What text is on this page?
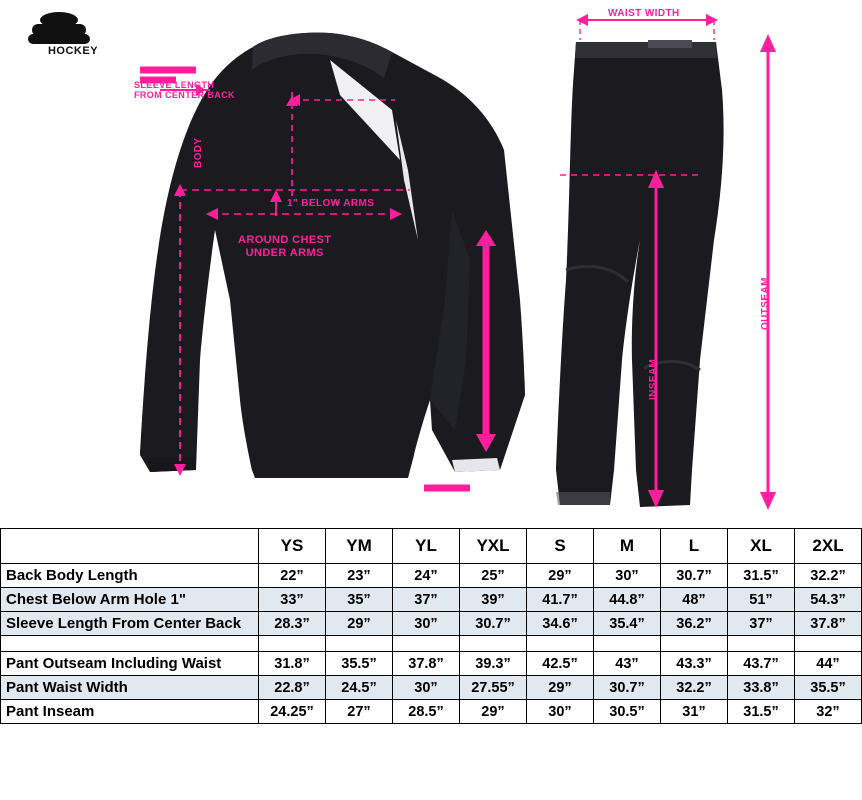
HOCKEY
SLEEVE LENGTH
FROM CENTER BACK
BODY
1" BELOW ARMS
AROUND CHEST
UNDER ARMS
WAIST WIDTH
OUTSEAM
INSEAM
	YS	YM	YL	YXL	S	M	L	XL	2XL
Back Body Length	22”	23”	24”	25”	29”	30”	30.7”	31.5”	32.2”
Chest Below Arm Hole 1"	33”	35”	37”	39”	41.7”	44.8”	48”	51”	54.3”
Sleeve Length From Center Back	28.3”	29”	30”	30.7”	34.6”	35.4”	36.2”	37”	37.8”

Pant Outseam Including Waist	31.8”	35.5”	37.8”	39.3”	42.5”	43”	43.3”	43.7”	44”
Pant Waist Width	22.8”	24.5”	30”	27.55”	29”	30.7”	32.2”	33.8”	35.5”
Pant Inseam	24.25”	27”	28.5”	29”	30”	30.5”	31”	31.5”	32”
